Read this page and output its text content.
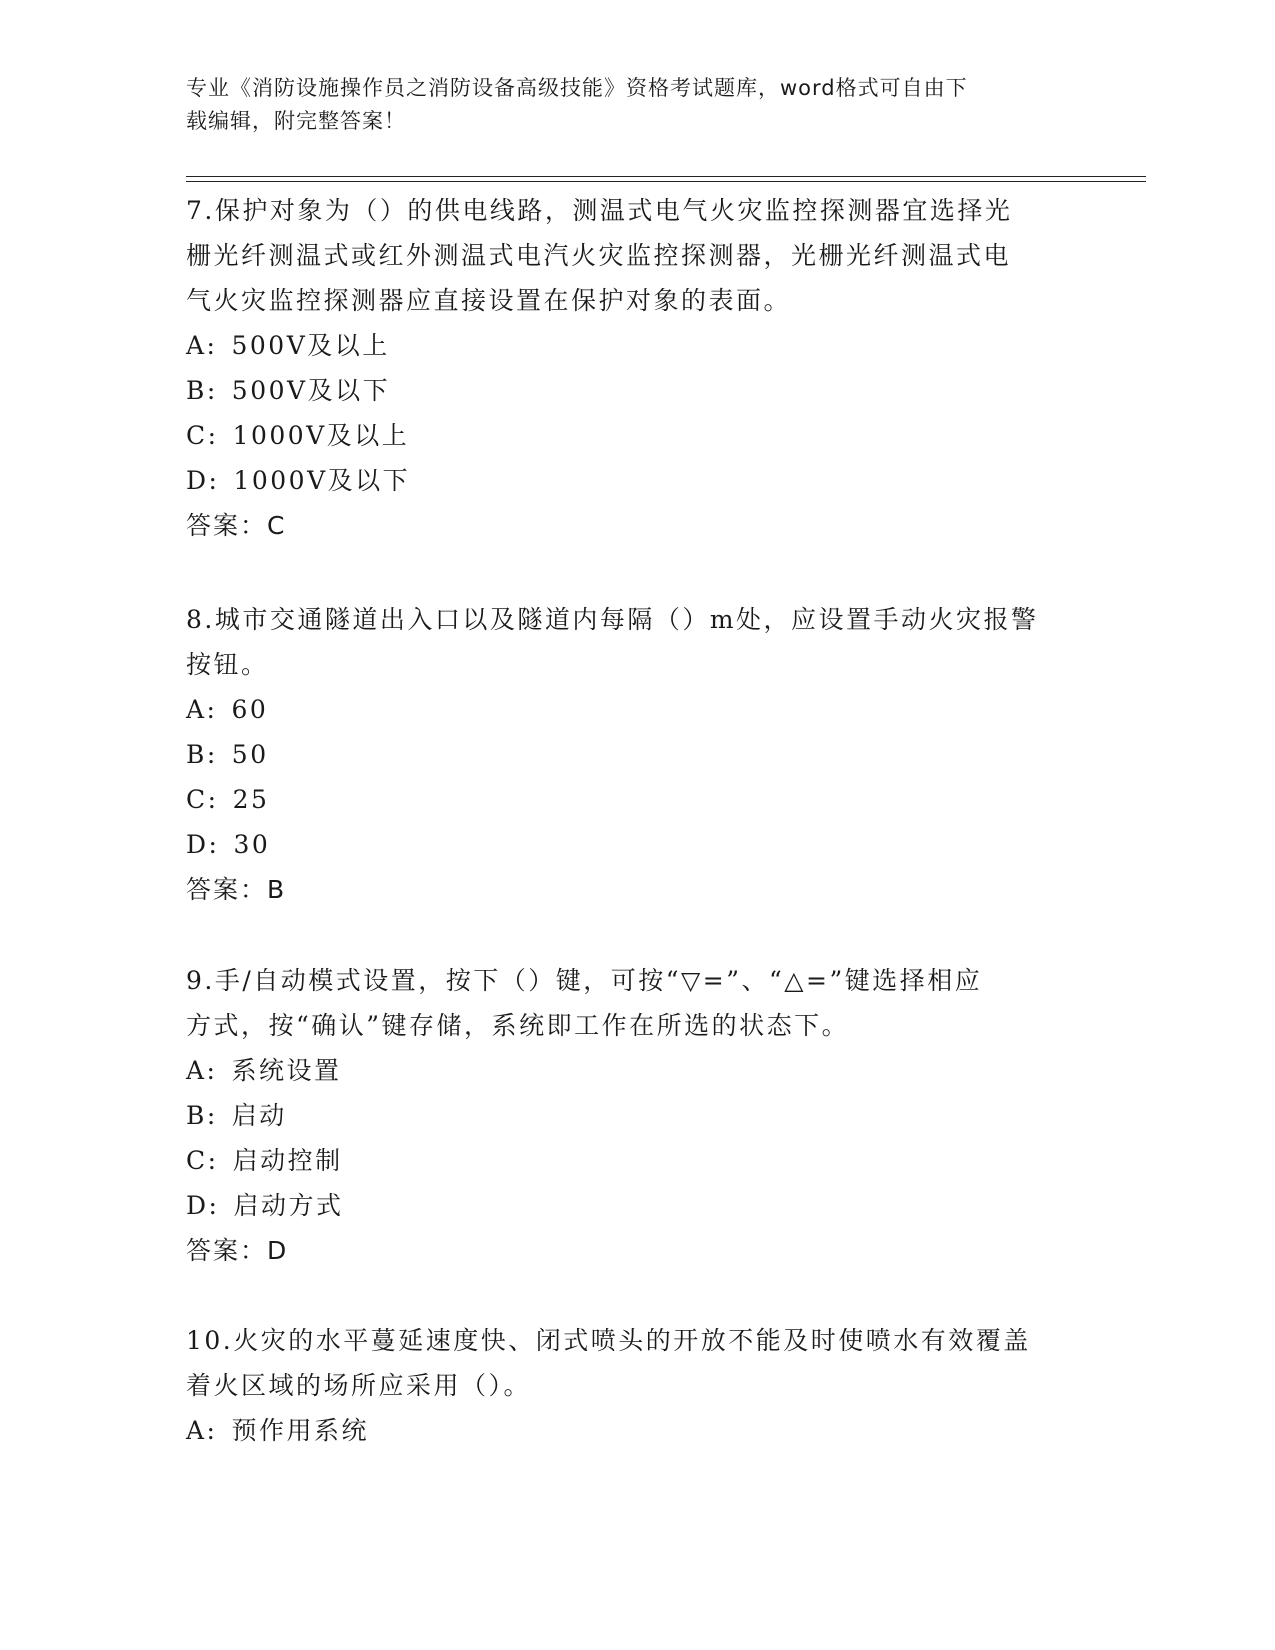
专业《消防设施操作员之消防设备高级技能》资格考试题库，word格式可自由下
载编辑，附完整答案！
7.保护对象为（）的供电线路，测温式电气火灾监控探测器宜选择光
栅光纤测温式或红外测温式电汽火灾监控探测器，光栅光纤测温式电
气火灾监控探测器应直接设置在保护对象的表面。
A: 500V及以上
B: 500V及以下
C: 1000V及以上
D: 1000V及以下
答案：C
8.城市交通隧道出入口以及隧道内每隔（）m处，应设置手动火灾报警
按钮。
A: 60
B: 50
C: 25
D: 30
答案：B
9.手/自动模式设置，按下（）键，可按“▽=”、“△=”键选择相应
方式，按“确认”键存储，系统即工作在所选的状态下。
A: 系统设置
B: 启动
C: 启动控制
D: 启动方式
答案：D
10.火灾的水平蔓延速度快、闭式喷头的开放不能及时使喷水有效覆盖
着火区域的场所应采用（）。
A: 预作用系统
